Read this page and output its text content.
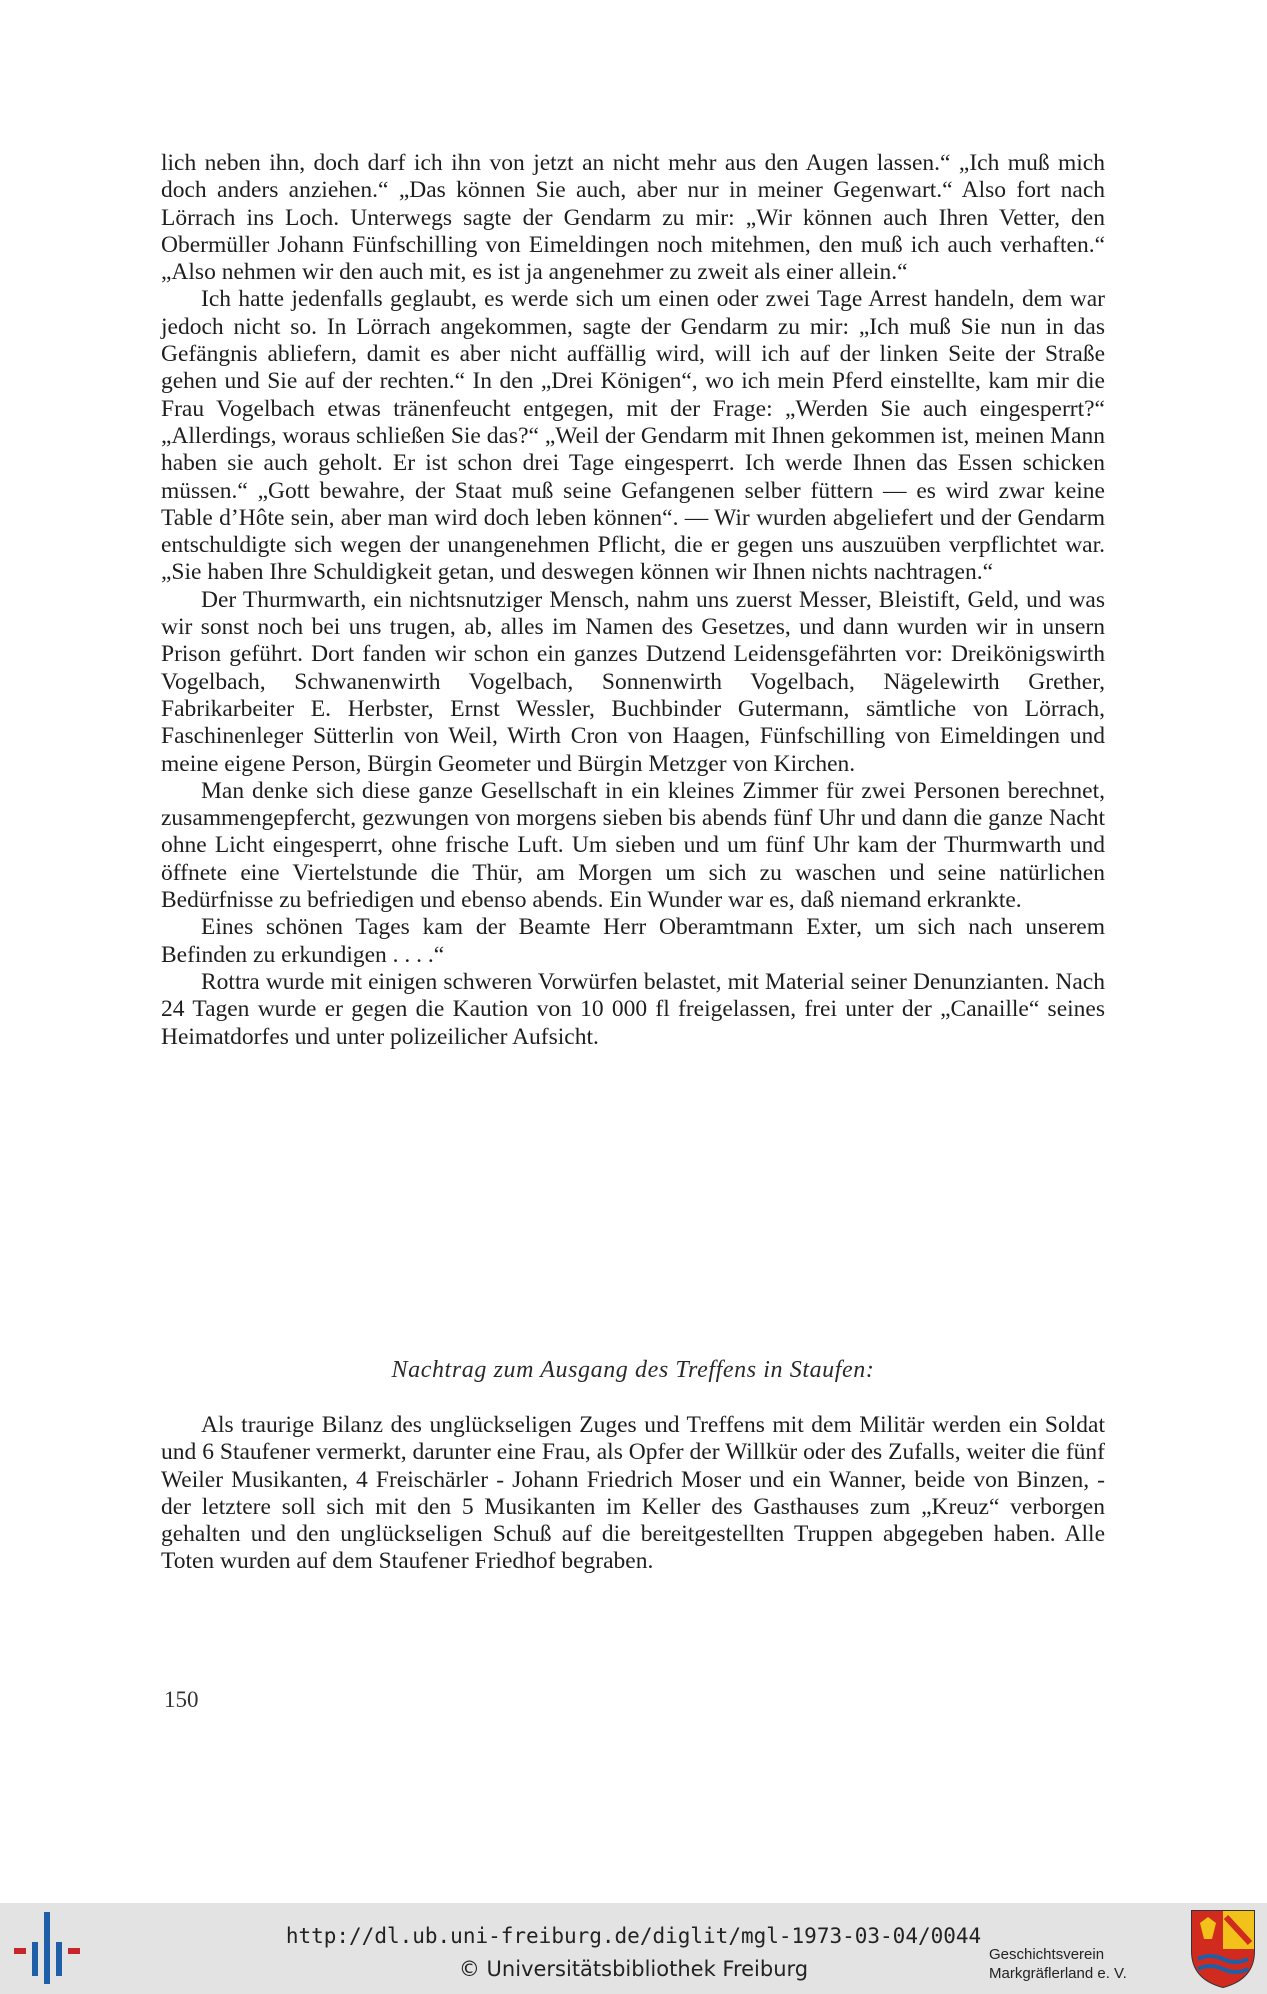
lich neben ihn, doch darf ich ihn von jetzt an nicht mehr aus den Augen lassen.“ „Ich muß mich doch anders anziehen.“ „Das können Sie auch, aber nur in meiner Gegenwart.“ Also fort nach Lörrach ins Loch. Unterwegs sagte der Gendarm zu mir: „Wir können auch Ihren Vetter, den Obermüller Johann Fünfschilling von Eimeldingen noch mitehmen, den muß ich auch verhaften.“ „Also nehmen wir den auch mit, es ist ja angenehmer zu zweit als einer allein.“

Ich hatte jedenfalls geglaubt, es werde sich um einen oder zwei Tage Arrest handeln, dem war jedoch nicht so. In Lörrach angekommen, sagte der Gendarm zu mir: „Ich muß Sie nun in das Gefängnis abliefern, damit es aber nicht auffällig wird, will ich auf der linken Seite der Straße gehen und Sie auf der rechten.“ In den „Drei Königen“, wo ich mein Pferd einstellte, kam mir die Frau Vogelbach etwas tränenfeucht entgegen, mit der Frage: „Werden Sie auch eingesperrt?“ „Allerdings, woraus schließen Sie das?“ „Weil der Gendarm mit Ihnen gekommen ist, meinen Mann haben sie auch geholt. Er ist schon drei Tage eingesperrt. Ich werde Ihnen das Essen schicken müssen.“ „Gott bewahre, der Staat muß seine Gefangenen selber füttern — es wird zwar keine Table d’Hôte sein, aber man wird doch leben können“. — Wir wurden abgeliefert und der Gendarm entschuldigte sich wegen der unangenehmen Pflicht, die er gegen uns auszuüben verpflichtet war. „Sie haben Ihre Schuldigkeit getan, und deswegen können wir Ihnen nichts nachtragen.“

Der Thurmwarth, ein nichtsnutziger Mensch, nahm uns zuerst Messer, Bleistift, Geld, und was wir sonst noch bei uns trugen, ab, alles im Namen des Gesetzes, und dann wurden wir in unsern Prison geführt. Dort fanden wir schon ein ganzes Dutzend Leidensgefährten vor: Dreikönigswirth Vogelbach, Schwanenwirth Vogelbach, Sonnenwirth Vogelbach, Nägelewirth Grether, Fabrikarbeiter E. Herbster, Ernst Wessler, Buchbinder Gutermann, sämtliche von Lörrach, Faschinenleger Sütterlin von Weil, Wirth Cron von Haagen, Fünfschilling von Eimeldingen und meine eigene Person, Bürgin Geometer und Bürgin Metzger von Kirchen.

Man denke sich diese ganze Gesellschaft in ein kleines Zimmer für zwei Personen berechnet, zusammengepfercht, gezwungen von morgens sieben bis abends fünf Uhr und dann die ganze Nacht ohne Licht eingesperrt, ohne frische Luft. Um sieben und um fünf Uhr kam der Thurmwarth und öffnete eine Viertelstunde die Thür, am Morgen um sich zu waschen und seine natürlichen Bedürfnisse zu befriedigen und ebenso abends. Ein Wunder war es, daß niemand erkrankte.

Eines schönen Tages kam der Beamte Herr Oberamtmann Exter, um sich nach unserem Befinden zu erkundigen . . . .“

Rottra wurde mit einigen schweren Vorwürfen belastet, mit Material seiner Denunzianten. Nach 24 Tagen wurde er gegen die Kaution von 10 000 fl freigelassen, frei unter der „Canaille“ seines Heimatdorfes und unter polizeilicher Aufsicht.

Nachtrag zum Ausgang des Treffens in Staufen:

Als traurige Bilanz des unglückseligen Zuges und Treffens mit dem Militär werden ein Soldat und 6 Staufener vermerkt, darunter eine Frau, als Opfer der Willkür oder des Zufalls, weiter die fünf Weiler Musikanten, 4 Freischärler - Johann Friedrich Moser und ein Wanner, beide von Binzen, - der letztere soll sich mit den 5 Musikanten im Keller des Gasthauses zum „Kreuz“ verborgen gehalten und den unglückseligen Schuß auf die bereitgestellten Truppen abgegeben haben. Alle Toten wurden auf dem Staufener Friedhof begraben.

150
http://dl.ub.uni-freiburg.de/diglit/mgl-1973-03-04/0044
© Universitätsbibliothek Freiburg
Geschichtsverein
Markgräflerland e. V.
